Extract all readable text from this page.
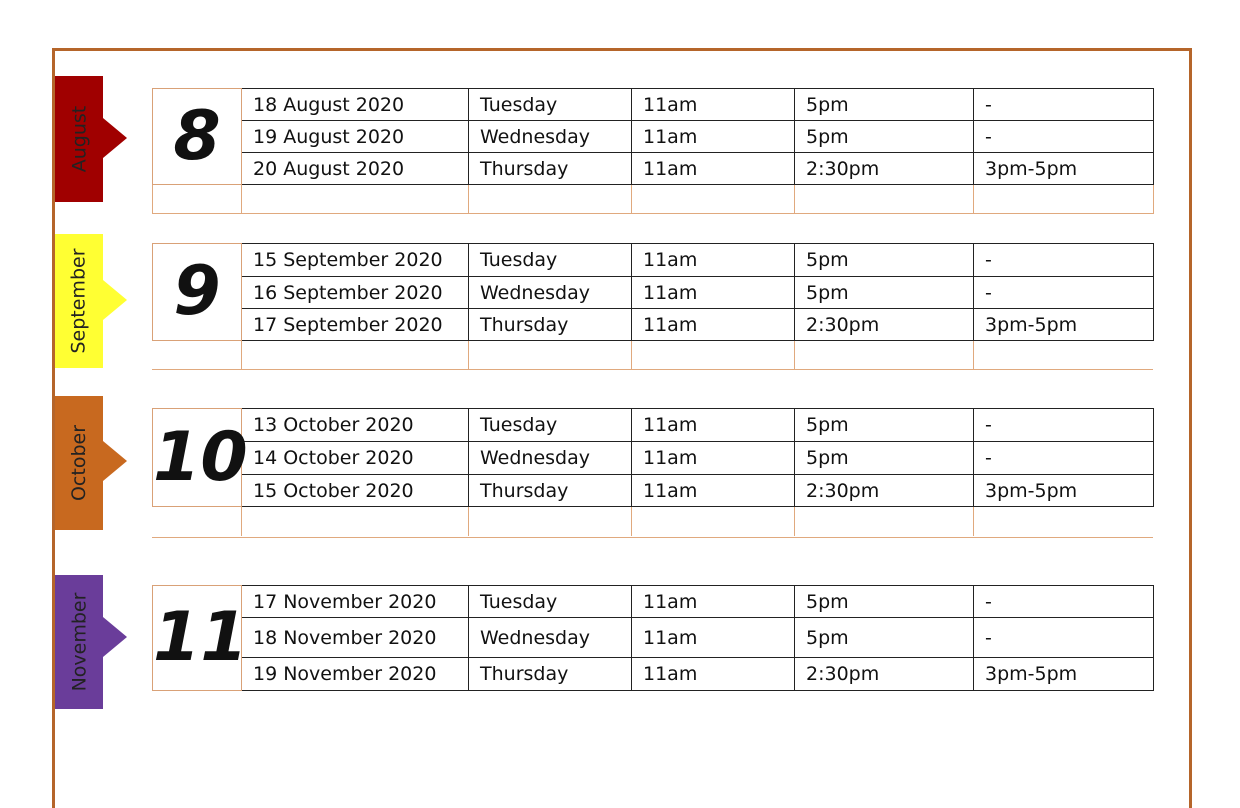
August 8	18 August 2020	Tuesday	11am	5pm	-
	19 August 2020	Wednesday	11am	5pm	-
	20 August 2020	Thursday	11am	2:30pm	3pm-5pm

September 9	15 September 2020	Tuesday	11am	5pm	-
	16 September 2020	Wednesday	11am	5pm	-
	17 September 2020	Thursday	11am	2:30pm	3pm-5pm

October 10	13 October 2020	Tuesday	11am	5pm	-
	14 October 2020	Wednesday	11am	5pm	-
	15 October 2020	Thursday	11am	2:30pm	3pm-5pm

November 11	17 November 2020	Tuesday	11am	5pm	-
	18 November 2020	Wednesday	11am	5pm	-
	19 November 2020	Thursday	11am	2:30pm	3pm-5pm
